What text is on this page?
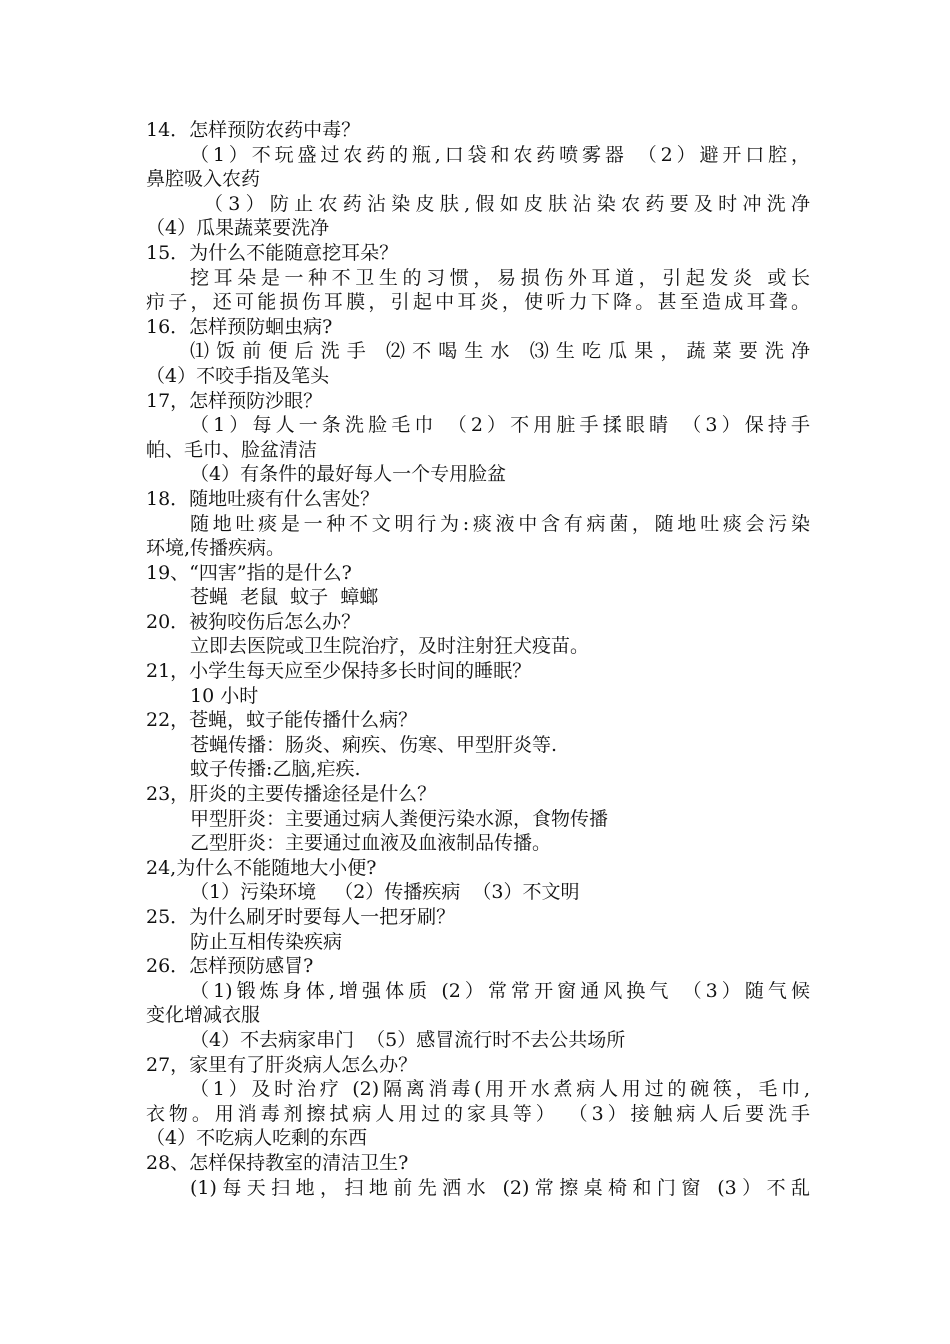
14．怎样预防农药中毒？
（1）不玩盛过农药的瓶,口袋和农药喷雾器 （2）避开口腔，
鼻腔吸入农药
（3）防止农药沾染皮肤,假如皮肤沾染农药要及时冲洗净
（4）瓜果蔬菜要洗净
15．为什么不能随意挖耳朵？
挖耳朵是一种不卫生的习惯，易损伤外耳道，引起发炎 或长
疖子，还可能损伤耳膜，引起中耳炎，使听力下降。甚至造成耳聋。
16．怎样预防蛔虫病?
⑴饭前便后洗手 ⑵不喝生水 ⑶生吃瓜果，蔬菜要洗净
（4）不咬手指及笔头
17，怎样预防沙眼？
（1）每人一条洗脸毛巾 （2）不用脏手揉眼睛 （3）保持手
帕、毛巾、脸盆清洁
（4）有条件的最好每人一个专用脸盆
18．随地吐痰有什么害处？
随地吐痰是一种不文明行为:痰液中含有病菌，随地吐痰会污染
环境,传播疾病。
19、“四害”指的是什么?
苍蝇  老鼠  蚊子  蟑螂
20．被狗咬伤后怎么办？
立即去医院或卫生院治疗，及时注射狂犬疫苗。
21，小学生每天应至少保持多长时间的睡眠？
10 小时
22，苍蝇，蚊子能传播什么病？
苍蝇传播：肠炎、痢疾、伤寒、甲型肝炎等.
蚊子传播:乙脑,疟疾.
23，肝炎的主要传播途径是什么？
甲型肝炎：主要通过病人粪便污染水源，食物传播
乙型肝炎：主要通过血液及血液制品传播。
24,为什么不能随地大小便?
（1）污染环境   （2）传播疾病  （3）不文明
25．为什么刷牙时要每人一把牙刷？
防止互相传染疾病
26．怎样预防感冒?
（1)锻炼身体,增强体质 (2）常常开窗通风换气 （3）随气候
变化增减衣服
（4）不去病家串门  （5）感冒流行时不去公共场所
27，家里有了肝炎病人怎么办？
（1）及时治疗 (2)隔离消毒(用开水煮病人用过的碗筷，毛巾,
衣物。用消毒剂擦拭病人用过的家具等） （3）接触病人后要洗手
（4）不吃病人吃剩的东西
28、怎样保持教室的清洁卫生?
(1)每天扫地，扫地前先洒水 (2)常擦桌椅和门窗 (3）不乱
